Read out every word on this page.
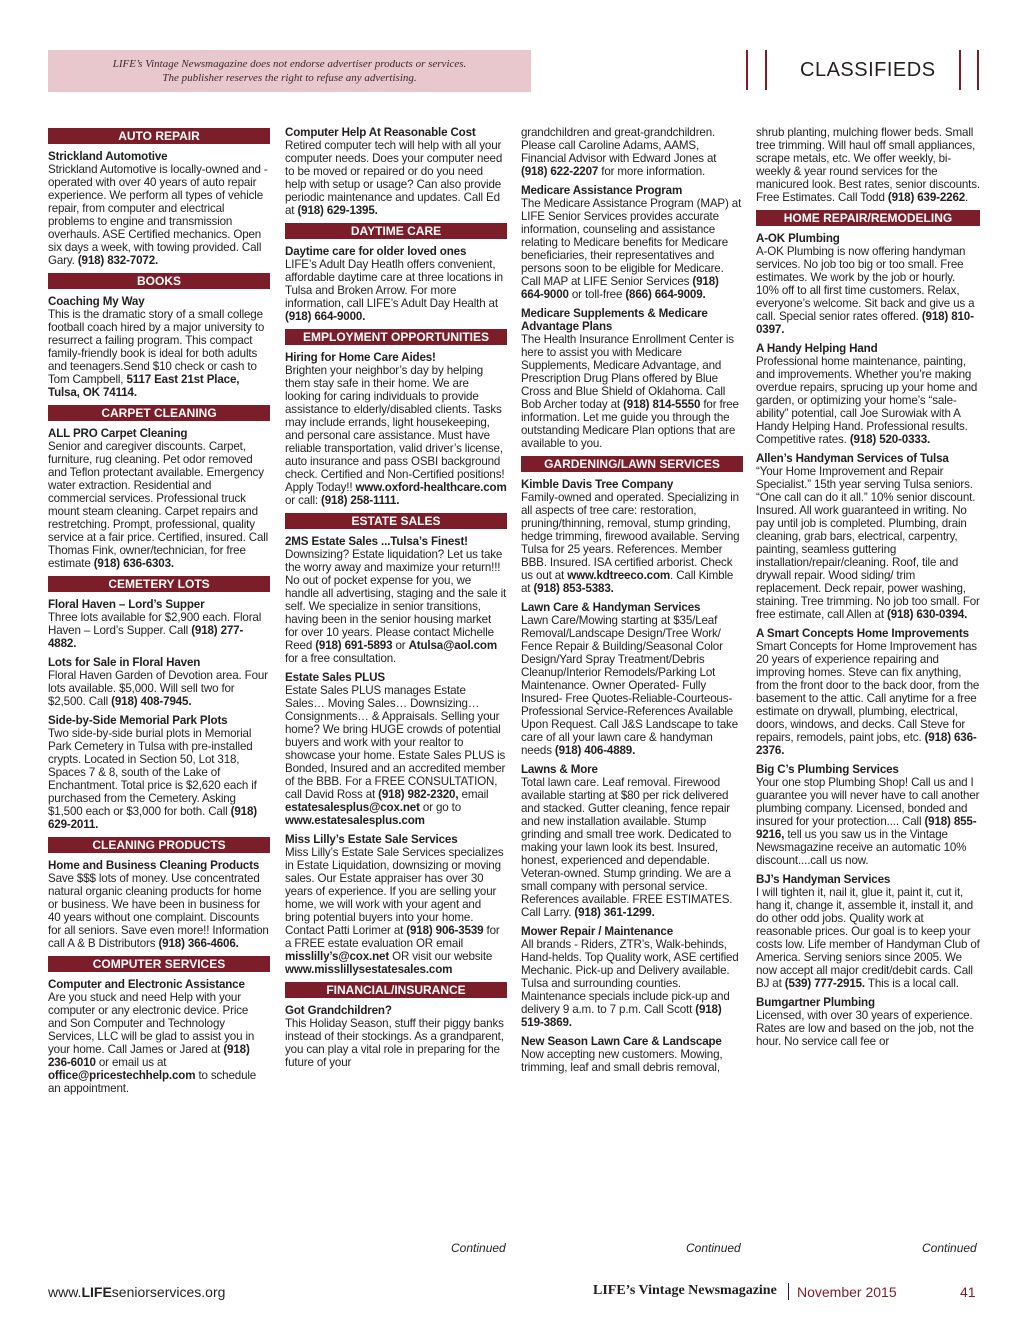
LIFE’s Vintage Newsmagazine does not endorse advertiser products or services.
The publisher reserves the right to refuse any advertising.	CLASSIFIEDS
AUTO REPAIR
Strickland Automotive

Strickland Automotive is locally-owned and - operated with over 40 years of auto repair experience. We perform all types of vehicle repair, from computer and electrical problems to engine and transmission overhauls. ASE Certified mechanics. Open six days a week, with towing provided. Call Gary. (918) 832-7072.

BOOKS
Coaching My Way

This is the dramatic story of a small college football coach hired by a major university to resurrect a failing program. This compact family-friendly book is ideal for both adults and teenagers.Send $10 check or cash to Tom Campbell, 5117 East 21st Place, Tulsa, OK 74114.

CARPET CLEANING
ALL PRO Carpet Cleaning

Senior and caregiver discounts. Carpet, furniture, rug cleaning. Pet odor removed and Teflon protectant available. Emergency water extraction. Residential and commercial services. Professional truck mount steam cleaning. Carpet repairs and restretching. Prompt, professional, quality service at a fair price. Certified, insured. Call Thomas Fink, owner/technician, for free estimate (918) 636-6303.

CEMETERY LOTS
Floral Haven – Lord’s Supper

Three lots available for $2,900 each. Floral Haven – Lord’s Supper. Call (918) 277-4882.

Lots for Sale in Floral Haven

Floral Haven Garden of Devotion area. Four lots available. $5,000. Will sell two for $2,500. Call (918) 408-7945.

Side-by-Side Memorial Park Plots

Two side-by-side burial plots in Memorial Park Cemetery in Tulsa with pre-installed crypts. Located in Section 50, Lot 318, Spaces 7 & 8, south of the Lake of Enchantment. Total price is $2,620 each if purchased from the Cemetery. Asking $1,500 each or $3,000 for both. Call (918) 629-2011.

CLEANING PRODUCTS
Home and Business Cleaning Products

Save $$$ lots of money. Use concentrated natural organic cleaning products for home or business. We have been in business for 40 years without one complaint. Discounts for all seniors. Save even more!! Information call A & B Distributors (918) 366-4606.

COMPUTER SERVICES
Computer and Electronic Assistance

Are you stuck and need Help with your computer or any electronic device. Price and Son Computer and Technology Services, LLC will be glad to assist you in your home. Call James or Jared at (918) 236-6010 or email us at office@pricestechhelp.com to schedule an appointment.

Computer Help At Reasonable Cost

Retired computer tech will help with all your computer needs. Does your computer need to be moved or repaired or do you need help with setup or usage? Can also provide periodic maintenance and updates. Call Ed at (918) 629-1395.

DAYTIME CARE
Daytime care for older loved ones

LIFE’s Adult Day Heatlh offers convenient, affordable daytime care at three locations in Tulsa and Broken Arrow. For more information, call LIFE’s Adult Day Health at (918) 664-9000.

EMPLOYMENT OPPORTUNITIES
Hiring for Home Care Aides!

Brighten your neighbor’s day by helping them stay safe in their home. We are looking for caring individuals to provide assistance to elderly/disabled clients. Tasks may include errands, light housekeeping, and personal care assistance. Must have reliable transportation, valid driver’s license, auto insurance and pass OSBI background check. Certified and Non-Certified positions! Apply Today!! www.oxford-healthcare.com or call: (918) 258-1111.

ESTATE SALES
2MS Estate Sales ...Tulsa’s Finest!

Downsizing? Estate liquidation? Let us take the worry away and maximize your return!!! No out of pocket expense for you, we handle all advertising, staging and the sale it self. We specialize in senior transitions, having been in the senior housing market for over 10 years. Please contact Michelle Reed (918) 691-5893 or Atulsa@aol.com for a free consultation.

Estate Sales PLUS

Estate Sales PLUS manages Estate Sales… Moving Sales… Downsizing… Consignments… & Appraisals. Selling your home? We bring HUGE crowds of potential buyers and work with your realtor to showcase your home. Estate Sales PLUS is Bonded, Insured and an accredited member of the BBB. For a FREE CONSULTATION, call David Ross at (918) 982-2320, email estatesalesplus@cox.net or go to www.estatesalesplus.com

Miss Lilly’s Estate Sale Services

Miss Lilly’s Estate Sale Services specializes in Estate Liquidation, downsizing or moving sales. Our Estate appraiser has over 30 years of experience. If you are selling your home, we will work with your agent and bring potential buyers into your home. Contact Patti Lorimer at (918) 906-3539 for a FREE estate evaluation OR email misslilly’s@cox.net OR visit our website www.misslillysestatesales.com

FINANCIAL/INSURANCE
Got Grandchildren?

This Holiday Season, stuff their piggy banks instead of their stockings. As a grandparent, you can play a vital role in preparing for the future of your

grandchildren and great-grandchildren. Please call Caroline Adams, AAMS, Financial Advisor with Edward Jones at (918) 622-2207 for more information.

Medicare Assistance Program

The Medicare Assistance Program (MAP) at LIFE Senior Services provides accurate information, counseling and assistance relating to Medicare benefits for Medicare beneficiaries, their representatives and persons soon to be eligible for Medicare. Call MAP at LIFE Senior Services (918) 664-9000 or toll-free (866) 664-9009.

Medicare Supplements & Medicare Advantage Plans

The Health Insurance Enrollment Center is here to assist you with Medicare Supplements, Medicare Advantage, and Prescription Drug Plans offered by Blue Cross and Blue Shield of Oklahoma. Call Bob Archer today at (918) 814-5550 for free information. Let me guide you through the outstanding Medicare Plan options that are available to you.

GARDENING/LAWN SERVICES
Kimble Davis Tree Company

Family-owned and operated. Specializing in all aspects of tree care: restoration, pruning/thinning, removal, stump grinding, hedge trimming, firewood available. Serving Tulsa for 25 years. References. Member BBB. Insured. ISA certified arborist. Check us out at www.kdtreeco.com. Call Kimble at (918) 853-5383.

Lawn Care & Handyman Services

Lawn Care/Mowing starting at $35/Leaf Removal/Landscape Design/Tree Work/ Fence Repair & Building/Seasonal Color Design/Yard Spray Treatment/Debris Cleanup/Interior Remodels/Parking Lot Maintenance. Owner Operated- Fully Insured- Free Quotes-Reliable-Courteous- Professional Service-References Available Upon Request. Call J&S Landscape to take care of all your lawn care & handyman needs (918) 406-4889.

Lawns & More

Total lawn care. Leaf removal. Firewood available starting at $80 per rick delivered and stacked. Gutter cleaning, fence repair and new installation available. Stump grinding and small tree work. Dedicated to making your lawn look its best. Insured, honest, experienced and dependable. Veteran-owned. Stump grinding. We are a small company with personal service. References available. FREE ESTIMATES. Call Larry. (918) 361-1299.

Mower Repair / Maintenance

All brands - Riders, ZTR’s, Walk-behinds, Hand-helds. Top Quality work, ASE certified Mechanic. Pick-up and Delivery available. Tulsa and surrounding counties. Maintenance specials include pick-up and delivery 9 a.m. to 7 p.m. Call Scott (918) 519-3869.

New Season Lawn Care & Landscape

Now accepting new customers. Mowing, trimming, leaf and small debris removal,

shrub planting, mulching flower beds. Small tree trimming. Will haul off small appliances, scrape metals, etc. We offer weekly, bi-weekly & year round services for the manicured look. Best rates, senior discounts. Free Estimates. Call Todd (918) 639-2262.

HOME REPAIR/REMODELING
A-OK Plumbing

A-OK Plumbing is now offering handyman services. No job too big or too small. Free estimates. We work by the job or hourly. 10% off to all first time customers. Relax, everyone’s welcome. Sit back and give us a call. Special senior rates offered. (918) 810-0397.

A Handy Helping Hand

Professional home maintenance, painting, and improvements. Whether you’re making overdue repairs, sprucing up your home and garden, or optimizing your home’s “sale-ability” potential, call Joe Surowiak with A Handy Helping Hand. Professional results. Competitive rates. (918) 520-0333.

Allen’s Handyman Services of Tulsa

“Your Home Improvement and Repair Specialist.” 15th year serving Tulsa seniors. “One call can do it all.” 10% senior discount. Insured. All work guaranteed in writing. No pay until job is completed. Plumbing, drain cleaning, grab bars, electrical, carpentry, painting, seamless guttering installation/repair/cleaning. Roof, tile and drywall repair. Wood siding/ trim replacement. Deck repair, power washing, staining. Tree trimming. No job too small. For free estimate, call Allen at (918) 630-0394.

A Smart Concepts Home Improvements

Smart Concepts for Home Improvement has 20 years of experience repairing and improving homes. Steve can fix anything, from the front door to the back door, from the basement to the attic. Call anytime for a free estimate on drywall, plumbing, electrical, doors, windows, and decks. Call Steve for repairs, remodels, paint jobs, etc. (918) 636-2376.

Big C’s Plumbing Services

Your one stop Plumbing Shop! Call us and I guarantee you will never have to call another plumbing company. Licensed, bonded and insured for your protection.... Call (918) 855-9216, tell us you saw us in the Vintage Newsmagazine receive an automatic 10% discount....call us now.

BJ’s Handyman Services

I will tighten it, nail it, glue it, paint it, cut it, hang it, change it, assemble it, install it, and do other odd jobs. Quality work at reasonable prices. Our goal is to keep your costs low. Life member of Handyman Club of America. Serving seniors since 2005. We now accept all major credit/debit cards. Call BJ at (539) 777-2915. This is a local call.

Bumgartner Plumbing

Licensed, with over 30 years of experience. Rates are low and based on the job, not the hour. No service call fee or

Continued	Continued	Continued
www.LIFEseniorservices.org	LIFE’s Vintage Newsmagazine November 2015	41
